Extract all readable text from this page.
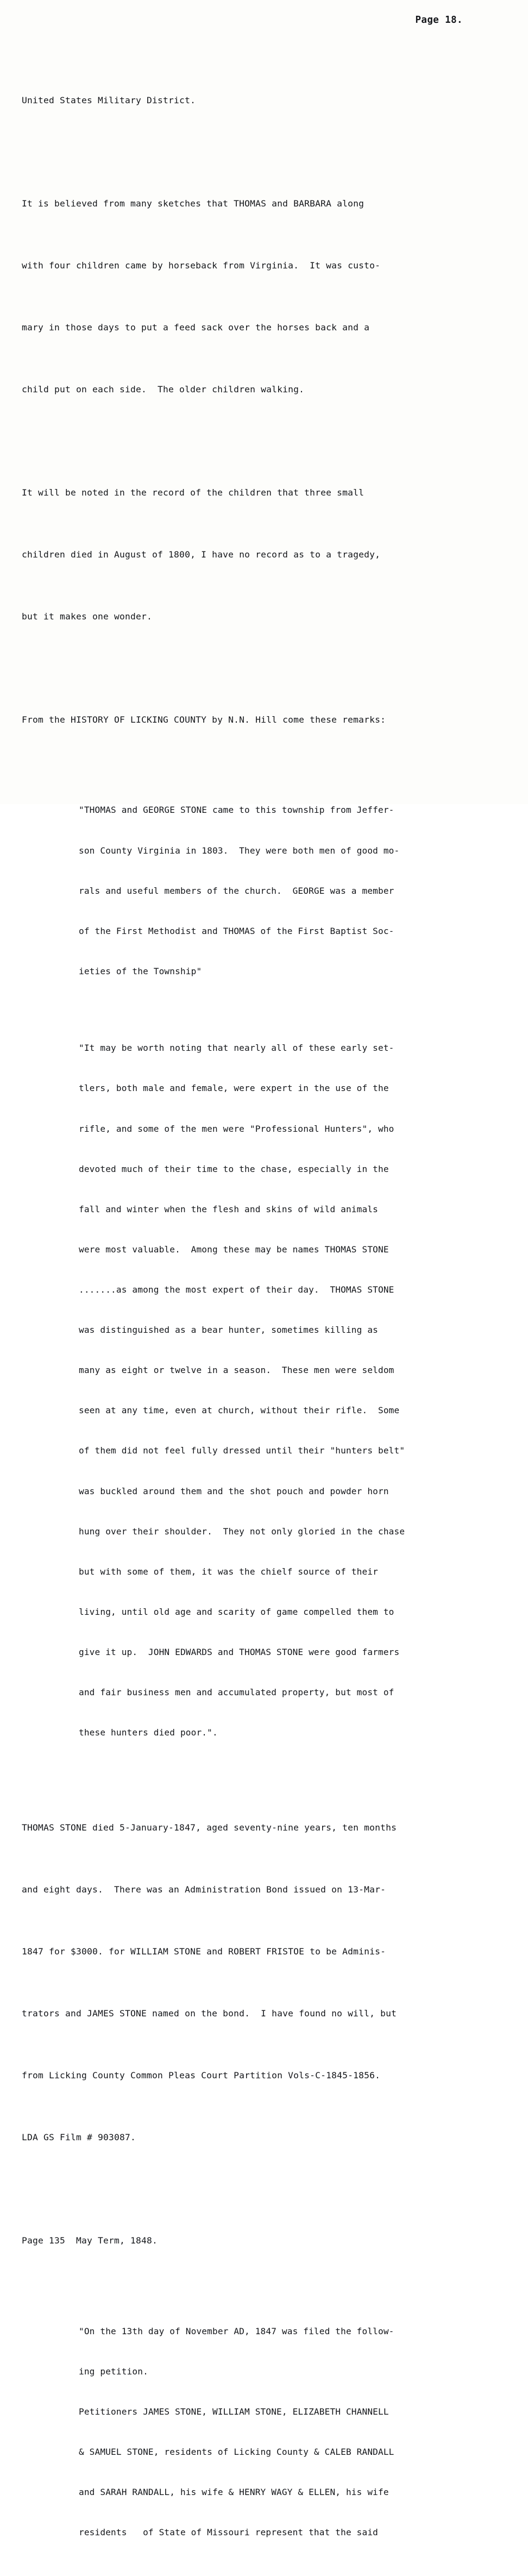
Page 18.

United States Military District.

It is believed from many sketches that THOMAS and BARBARA along

with four children came by horseback from Virginia.  It was custo-

mary in those days to put a feed sack over the horses back and a

child put on each side.  The older children walking.

It will be noted in the record of the children that three small

children died in August of 1800, I have no record as to a tragedy,

but it makes one wonder.

From the HISTORY OF LICKING COUNTY by N.N. Hill come these remarks:

"THOMAS and GEORGE STONE came to this township from Jeffer-

son County Virginia in 1803.  They were both men of good mo-

rals and useful members of the church.  GEORGE was a member

of the First Methodist and THOMAS of the First Baptist Soc-

ieties of the Township"

"It may be worth noting that nearly all of these early set-

tlers, both male and female, were expert in the use of the

rifle, and some of the men were "Professional Hunters", who

devoted much of their time to the chase, especially in the

fall and winter when the flesh and skins of wild animals

were most valuable.  Among these may be names THOMAS STONE

.......as among the most expert of their day.  THOMAS STONE

was distinguished as a bear hunter, sometimes killing as

many as eight or twelve in a season.  These men were seldom

seen at any time, even at church, without their rifle.  Some

of them did not feel fully dressed until their "hunters belt"

was buckled around them and the shot pouch and powder horn

hung over their shoulder.  They not only gloried in the chase

but with some of them, it was the chielf source of their

living, until old age and scarity of game compelled them to

give it up.  JOHN EDWARDS and THOMAS STONE were good farmers

and fair business men and accumulated property, but most of

these hunters died poor.".

THOMAS STONE died 5-January-1847, aged seventy-nine years, ten months

and eight days.  There was an Administration Bond issued on 13-Mar-

1847 for $3000. for WILLIAM STONE and ROBERT FRISTOE to be Adminis-

trators and JAMES STONE named on the bond.  I have found no will, but

from Licking County Common Pleas Court Partition Vols-C-1845-1856.

LDA GS Film # 903087.

Page 135  May Term, 1848.

"On the 13th day of November AD, 1847 was filed the follow-

ing petition.

Petitioners JAMES STONE, WILLIAM STONE, ELIZABETH CHANNELL

& SAMUEL STONE, residents of Licking County & CALEB RANDALL

and SARAH RANDALL, his wife & HENRY WAGY & ELLEN, his wife

residents   of State of Missouri represent that the said
